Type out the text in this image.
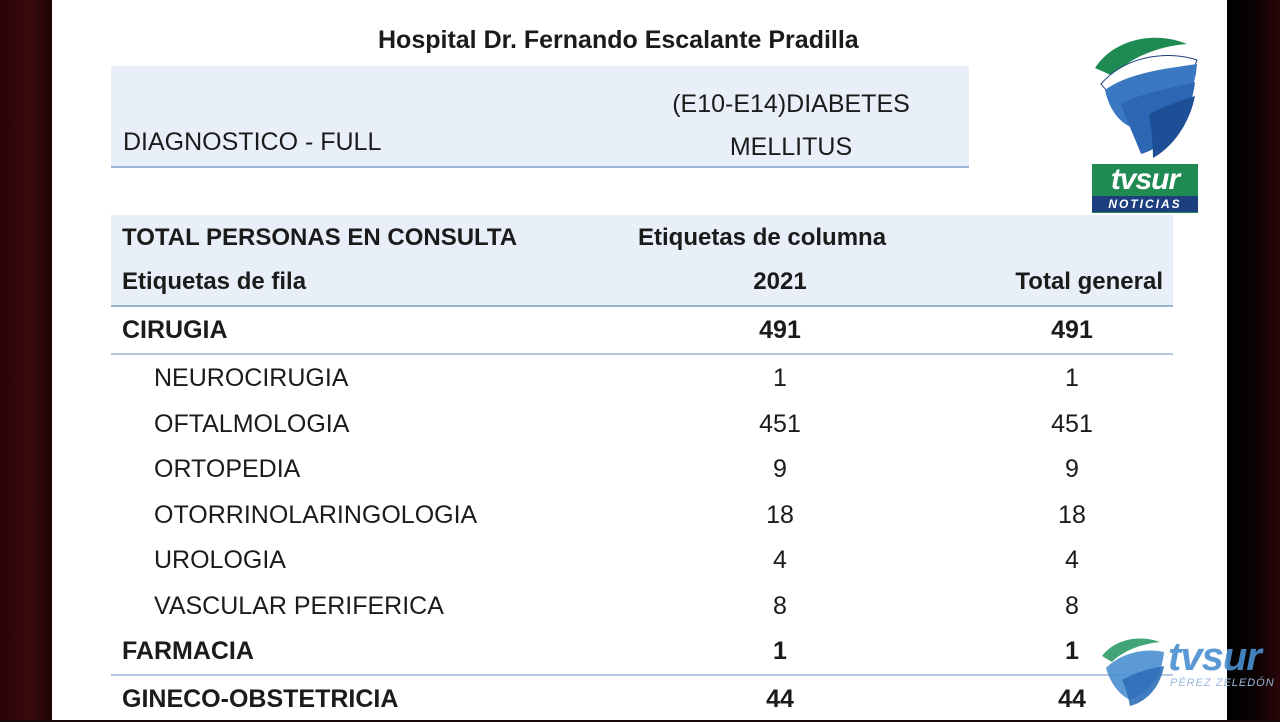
Hospital Dr. Fernando Escalante Pradilla
DIAGNOSTICO - FULL
(E10-E14)DIABETES
MELLITUS
TOTAL PERSONAS EN CONSULTA	Etiquetas de columna
Etiquetas de fila	2021	Total general
CIRUGIA	491	491
NEUROCIRUGIA	1	1
OFTALMOLOGIA	451	451
ORTOPEDIA	9	9
OTORRINOLARINGOLOGIA	18	18
UROLOGIA	4	4
VASCULAR PERIFERICA	8	8
FARMACIA	1	1
GINECO-OBSTETRICIA	44	44
tvsur
NOTICIAS
tvsur
PÉREZ ZELEDÓN
